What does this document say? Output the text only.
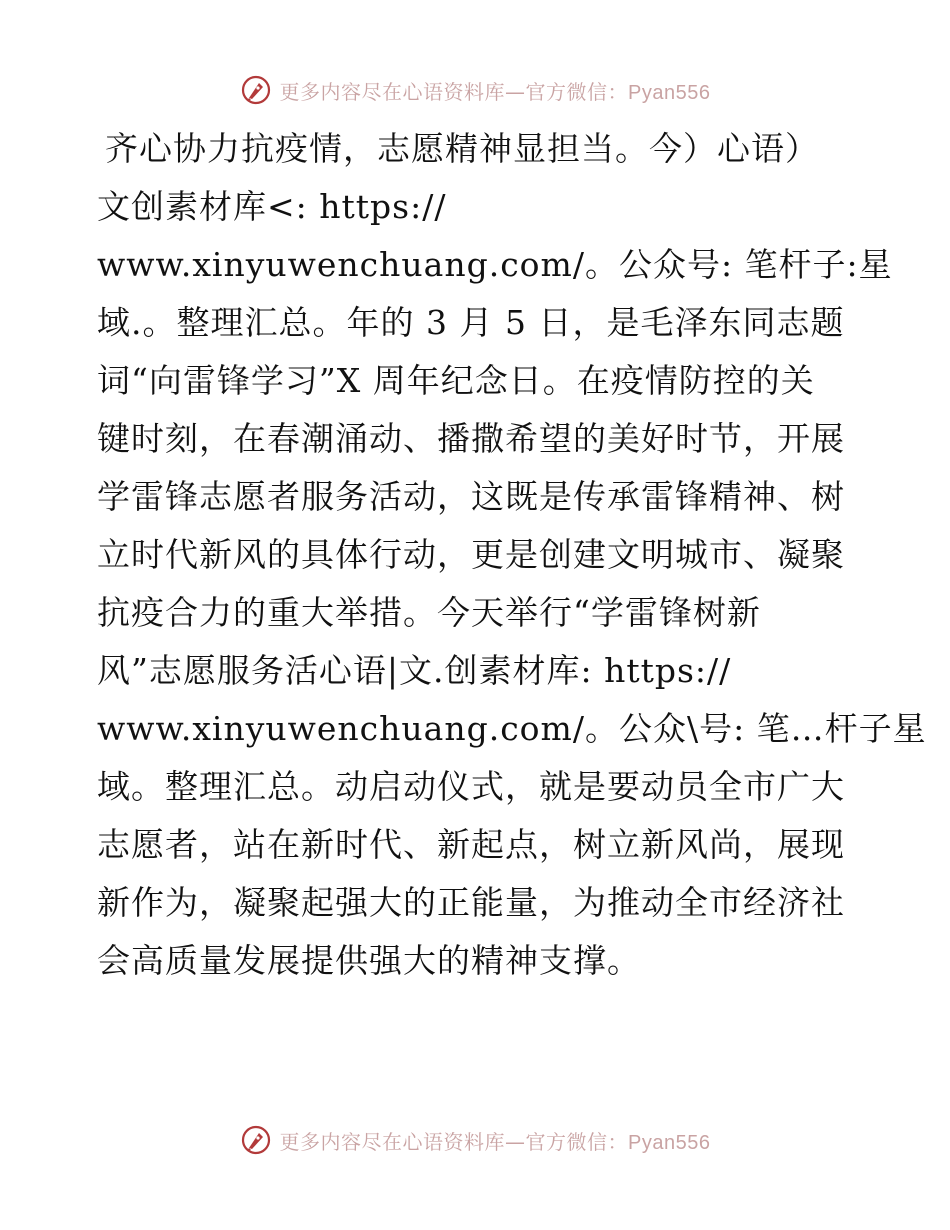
更多内容尽在心语资料库—官方微信：Pyan556
齐心协力抗疫情，志愿精神显担当。今）心语）
文创素材库<: https://
www.xinyuwenchuang.com/。公众号: 笔杆子:星
域.。整理汇总。年的 3 月 5 日，是毛泽东同志题
词“向雷锋学习”X 周年纪念日。在疫情防控的关
键时刻，在春潮涌动、播撒希望的美好时节，开展
学雷锋志愿者服务活动，这既是传承雷锋精神、树
立时代新风的具体行动，更是创建文明城市、凝聚
抗疫合力的重大举措。今天举行“学雷锋树新
风”志愿服务活心语|文.创素材库: https://
www.xinyuwenchuang.com/。公众\号: 笔…杆子星
域。整理汇总。动启动仪式，就是要动员全市广大
志愿者，站在新时代、新起点，树立新风尚，展现
新作为，凝聚起强大的正能量，为推动全市经济社
会高质量发展提供强大的精神支撑。
更多内容尽在心语资料库—官方微信：Pyan556
